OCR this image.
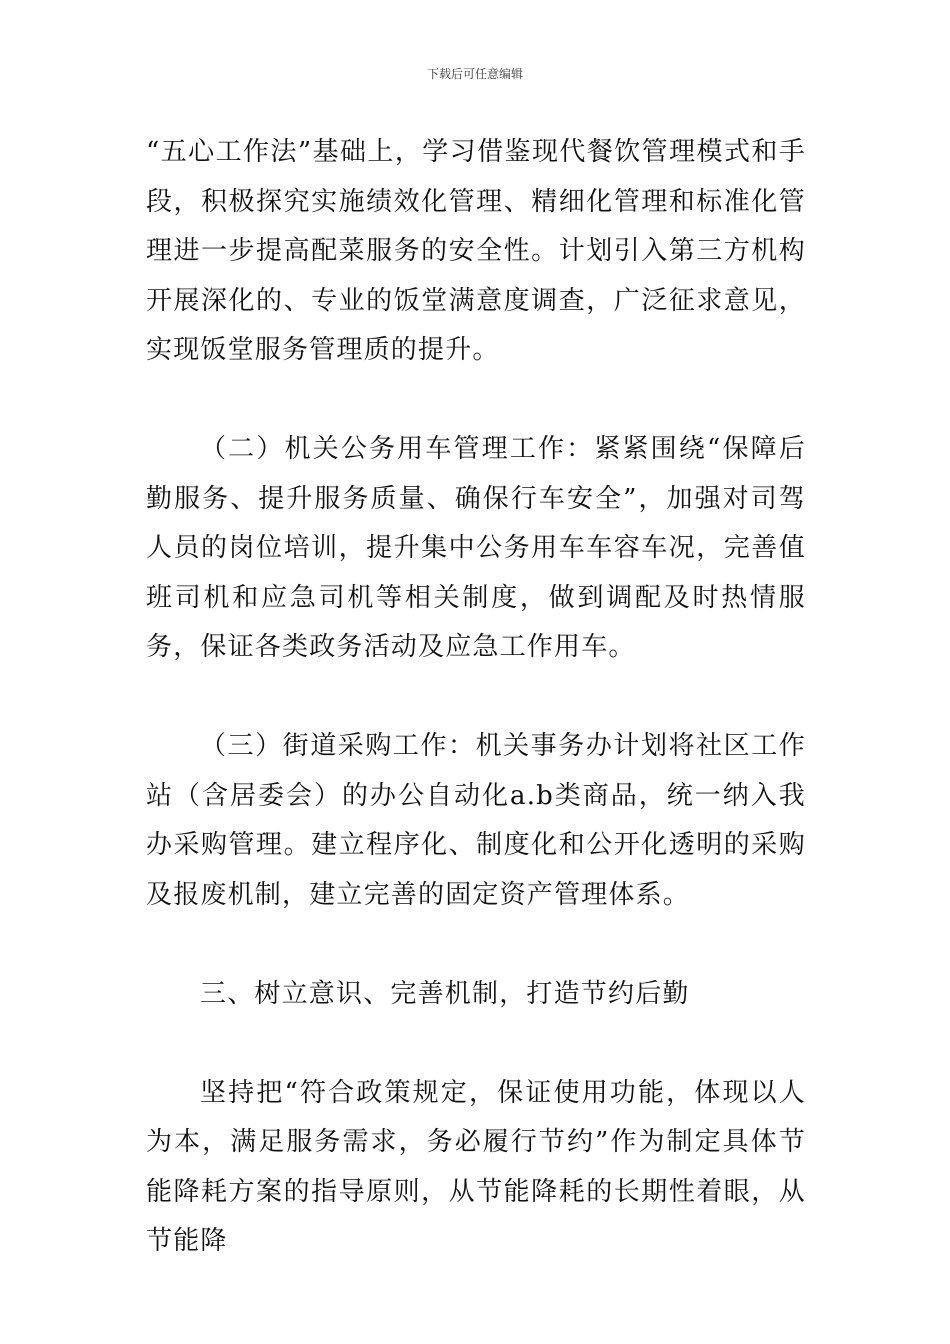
下载后可任意编辑

“五心工作法”基础上，学习借鉴现代餐饮管理模式和手段，积极探究实施绩效化管理、精细化管理和标准化管理进一步提高配菜服务的安全性。计划引入第三方机构开展深化的、专业的饭堂满意度调查，广泛征求意见，实现饭堂服务管理质的提升。

（二）机关公务用车管理工作：紧紧围绕“保障后勤服务、提升服务质量、确保行车安全”，加强对司驾人员的岗位培训，提升集中公务用车车容车况，完善值班司机和应急司机等相关制度，做到调配及时热情服务，保证各类政务活动及应急工作用车。

（三）街道采购工作：机关事务办计划将社区工作站（含居委会）的办公自动化a.b类商品，统一纳入我办采购管理。建立程序化、制度化和公开化透明的采购及报废机制，建立完善的固定资产管理体系。

三、树立意识、完善机制，打造节约后勤

坚持把“符合政策规定，保证使用功能，体现以人为本，满足服务需求，务必履行节约”作为制定具体节能降耗方案的指导原则，从节能降耗的长期性着眼，从节能降
